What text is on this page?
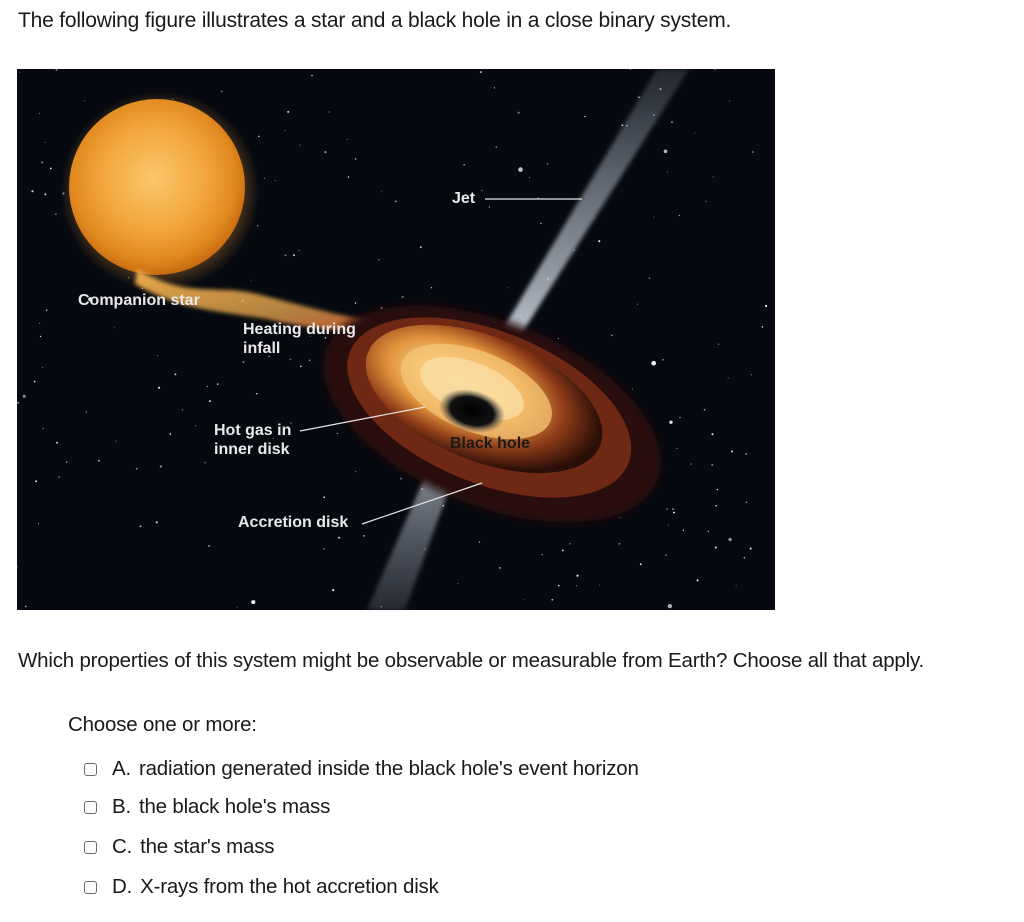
The following figure illustrates a star and a black hole in a close binary system.
Companion star
Heating during
infall
Hot gas in
inner disk
Accretion disk
Jet
Black hole
Which properties of this system might be observable or measurable from Earth? Choose all that apply.
Choose one or more:
A. radiation generated inside the black hole's event horizon
B. the black hole's mass
C. the star's mass
D. X-rays from the hot accretion disk
